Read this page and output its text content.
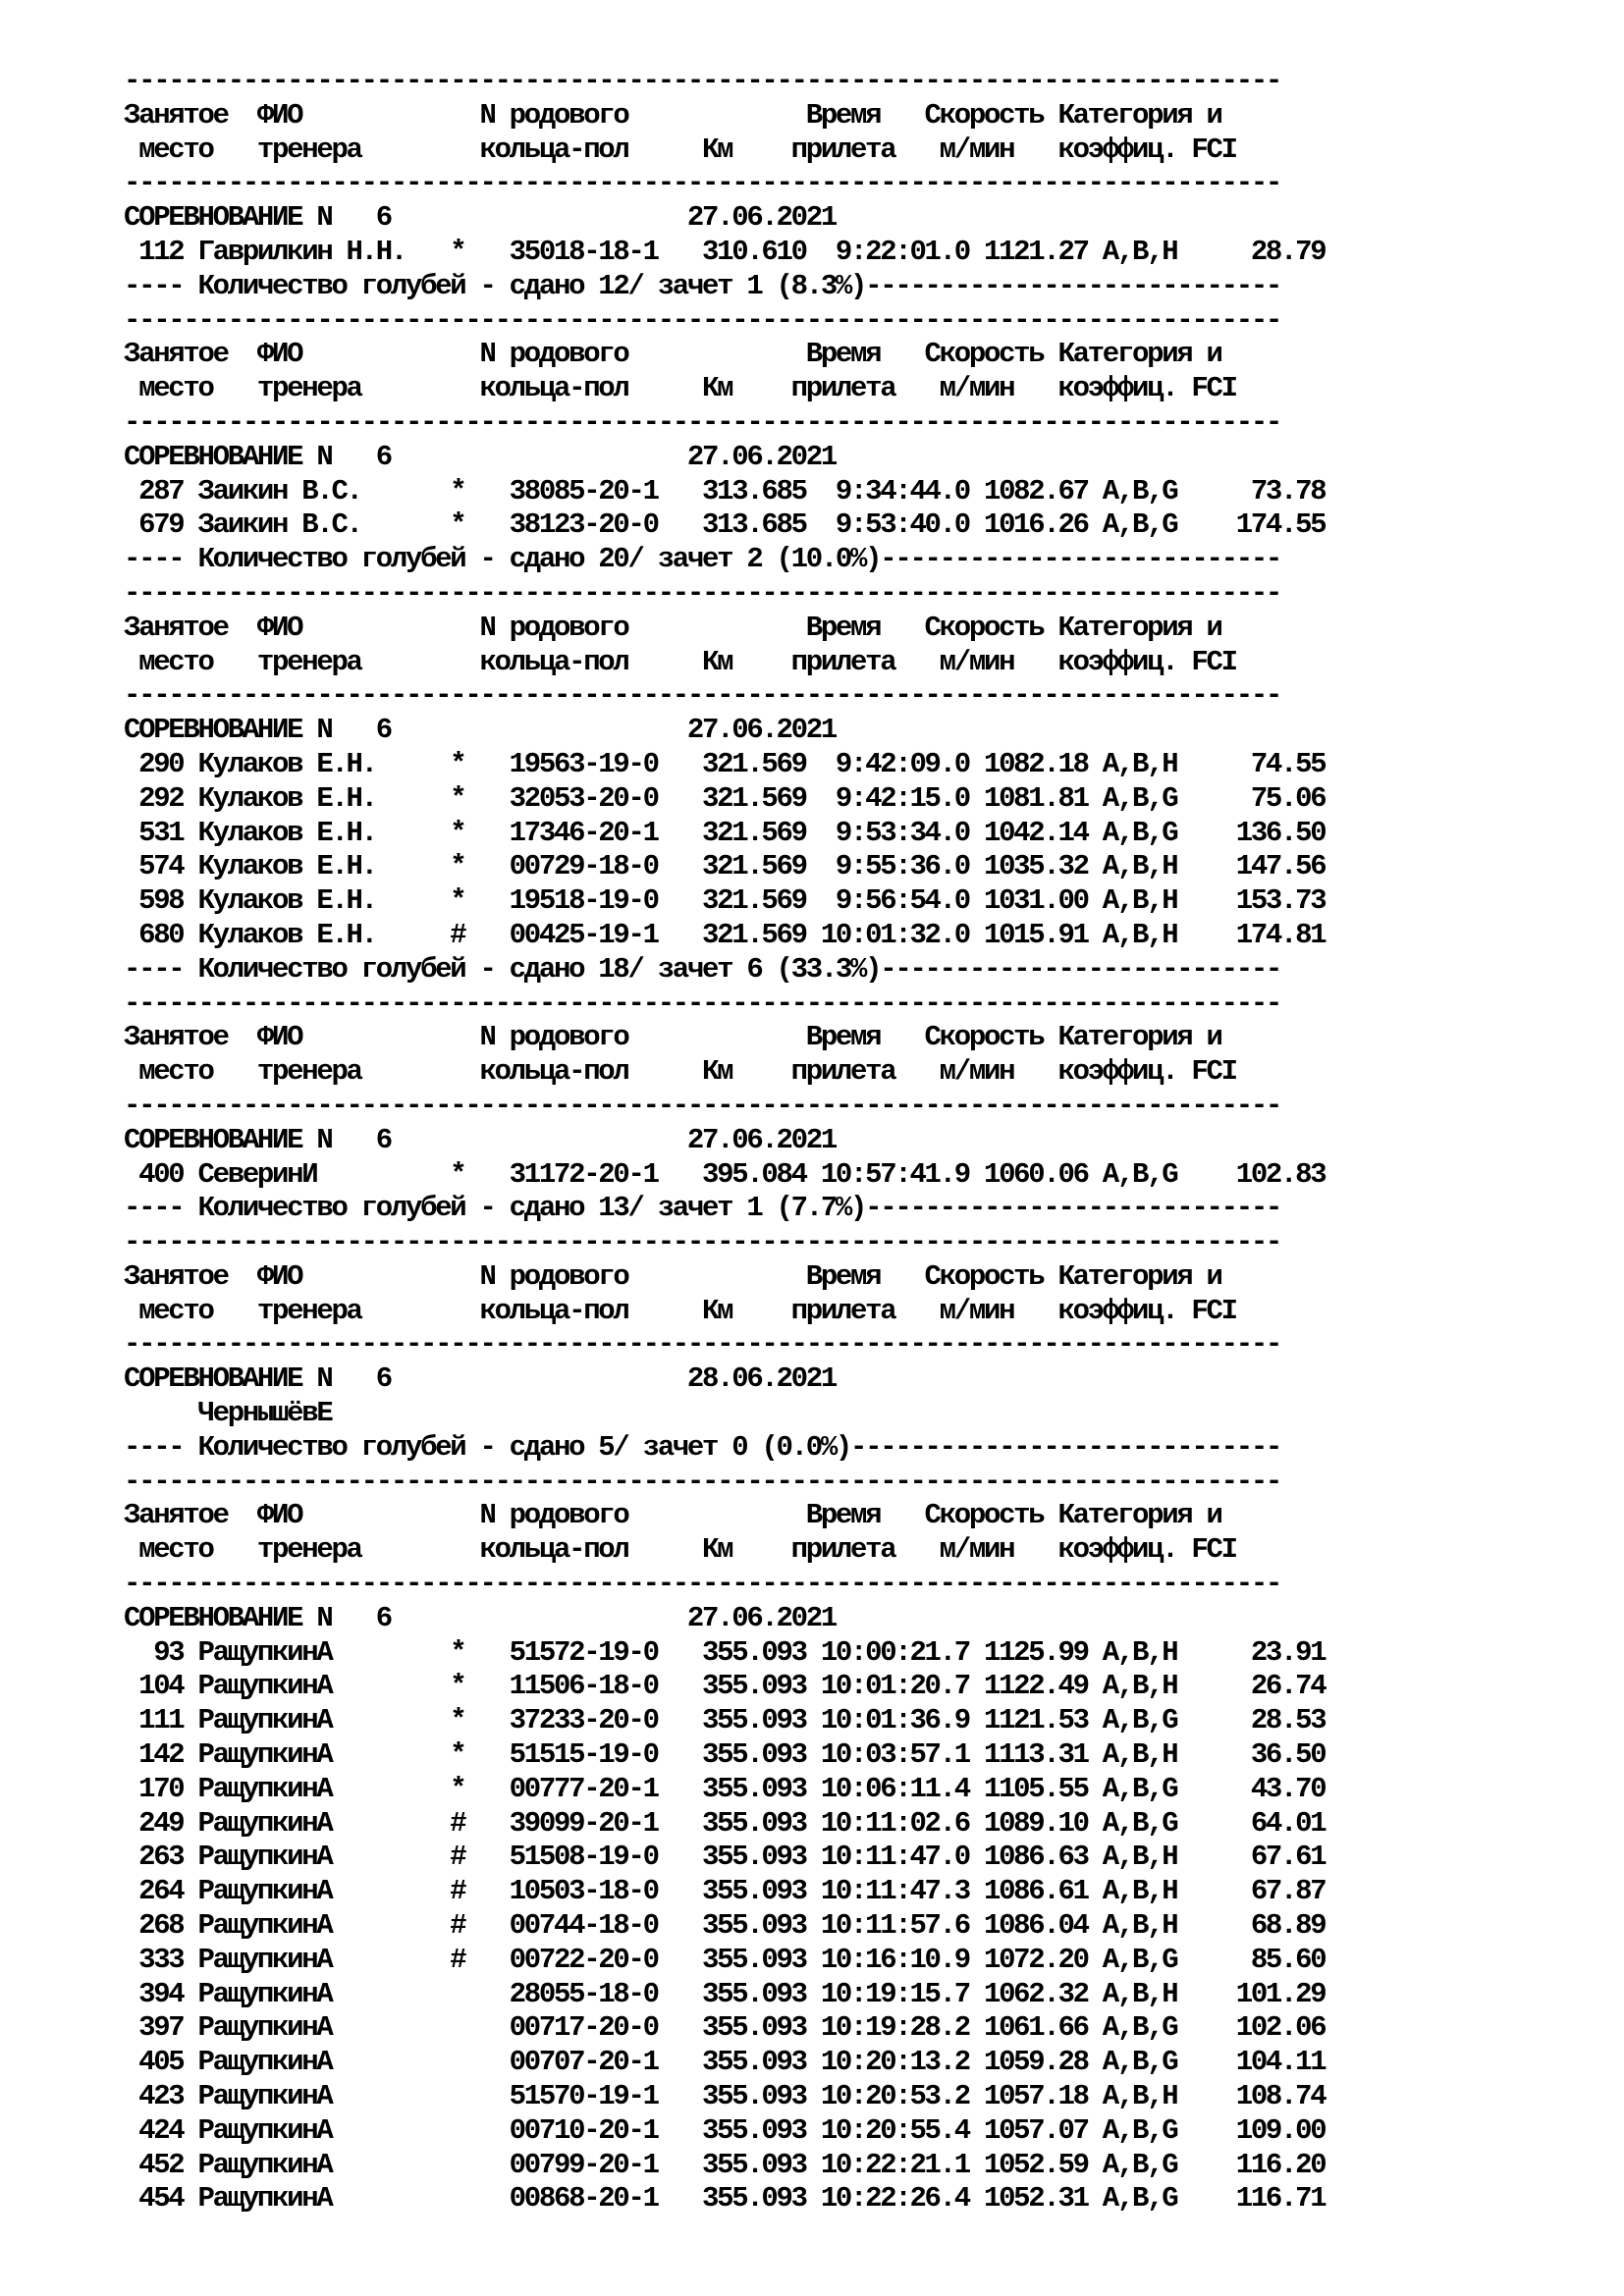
------------------------------------------------------------------------------
Занятое  ФИО            N родового            Время   Скорость Категория и
место   тренера        кольца-пол     Км    прилета   м/мин   коэффиц. FCI
------------------------------------------------------------------------------
СОРЕВНОВАНИЕ N   6                    27.06.2021
112 Гаврилкин Н.Н.   *   35018-18-1   310.610  9:22:01.0 1121.27 A,B,H     28.79
---- Количество голубей - сдано 12/ зачет 1 (8.3%)----------------------------
------------------------------------------------------------------------------
Занятое  ФИО            N родового            Время   Скорость Категория и
место   тренера        кольца-пол     Км    прилета   м/мин   коэффиц. FCI
------------------------------------------------------------------------------
СОРЕВНОВАНИЕ N   6                    27.06.2021
287 Заикин В.С.      *   38085-20-1   313.685  9:34:44.0 1082.67 A,B,G     73.78
679 Заикин В.С.      *   38123-20-0   313.685  9:53:40.0 1016.26 A,B,G    174.55
---- Количество голубей - сдано 20/ зачет 2 (10.0%)---------------------------
------------------------------------------------------------------------------
Занятое  ФИО            N родового            Время   Скорость Категория и
место   тренера        кольца-пол     Км    прилета   м/мин   коэффиц. FCI
------------------------------------------------------------------------------
СОРЕВНОВАНИЕ N   6                    27.06.2021
290 Кулаков Е.Н.     *   19563-19-0   321.569  9:42:09.0 1082.18 A,B,H     74.55
292 Кулаков Е.Н.     *   32053-20-0   321.569  9:42:15.0 1081.81 A,B,G     75.06
531 Кулаков Е.Н.     *   17346-20-1   321.569  9:53:34.0 1042.14 A,B,G    136.50
574 Кулаков Е.Н.     *   00729-18-0   321.569  9:55:36.0 1035.32 A,B,H    147.56
598 Кулаков Е.Н.     *   19518-19-0   321.569  9:56:54.0 1031.00 A,B,H    153.73
680 Кулаков Е.Н.     #   00425-19-1   321.569 10:01:32.0 1015.91 A,B,H    174.81
---- Количество голубей - сдано 18/ зачет 6 (33.3%)---------------------------
------------------------------------------------------------------------------
Занятое  ФИО            N родового            Время   Скорость Категория и
место   тренера        кольца-пол     Км    прилета   м/мин   коэффиц. FCI
------------------------------------------------------------------------------
СОРЕВНОВАНИЕ N   6                    27.06.2021
400 СеверинИ         *   31172-20-1   395.084 10:57:41.9 1060.06 A,B,G    102.83
---- Количество голубей - сдано 13/ зачет 1 (7.7%)----------------------------
------------------------------------------------------------------------------
Занятое  ФИО            N родового            Время   Скорость Категория и
место   тренера        кольца-пол     Км    прилета   м/мин   коэффиц. FCI
------------------------------------------------------------------------------
СОРЕВНОВАНИЕ N   6                    28.06.2021
ЧернышёвЕ
---- Количество голубей - сдано 5/ зачет 0 (0.0%)-----------------------------
------------------------------------------------------------------------------
Занятое  ФИО            N родового            Время   Скорость Категория и
место   тренера        кольца-пол     Км    прилета   м/мин   коэффиц. FCI
------------------------------------------------------------------------------
СОРЕВНОВАНИЕ N   6                    27.06.2021
93 РащупкинА        *   51572-19-0   355.093 10:00:21.7 1125.99 A,B,H     23.91
104 РащупкинА        *   11506-18-0   355.093 10:01:20.7 1122.49 A,B,H     26.74
111 РащупкинА        *   37233-20-0   355.093 10:01:36.9 1121.53 A,B,G     28.53
142 РащупкинА        *   51515-19-0   355.093 10:03:57.1 1113.31 A,B,H     36.50
170 РащупкинА        *   00777-20-1   355.093 10:06:11.4 1105.55 A,B,G     43.70
249 РащупкинА        #   39099-20-1   355.093 10:11:02.6 1089.10 A,B,G     64.01
263 РащупкинА        #   51508-19-0   355.093 10:11:47.0 1086.63 A,B,H     67.61
264 РащупкинА        #   10503-18-0   355.093 10:11:47.3 1086.61 A,B,H     67.87
268 РащупкинА        #   00744-18-0   355.093 10:11:57.6 1086.04 A,B,H     68.89
333 РащупкинА        #   00722-20-0   355.093 10:16:10.9 1072.20 A,B,G     85.60
394 РащупкинА            28055-18-0   355.093 10:19:15.7 1062.32 A,B,H    101.29
397 РащупкинА            00717-20-0   355.093 10:19:28.2 1061.66 A,B,G    102.06
405 РащупкинА            00707-20-1   355.093 10:20:13.2 1059.28 A,B,G    104.11
423 РащупкинА            51570-19-1   355.093 10:20:53.2 1057.18 A,B,H    108.74
424 РащупкинА            00710-20-1   355.093 10:20:55.4 1057.07 A,B,G    109.00
452 РащупкинА            00799-20-1   355.093 10:22:21.1 1052.59 A,B,G    116.20
454 РащупкинА            00868-20-1   355.093 10:22:26.4 1052.31 A,B,G    116.71
